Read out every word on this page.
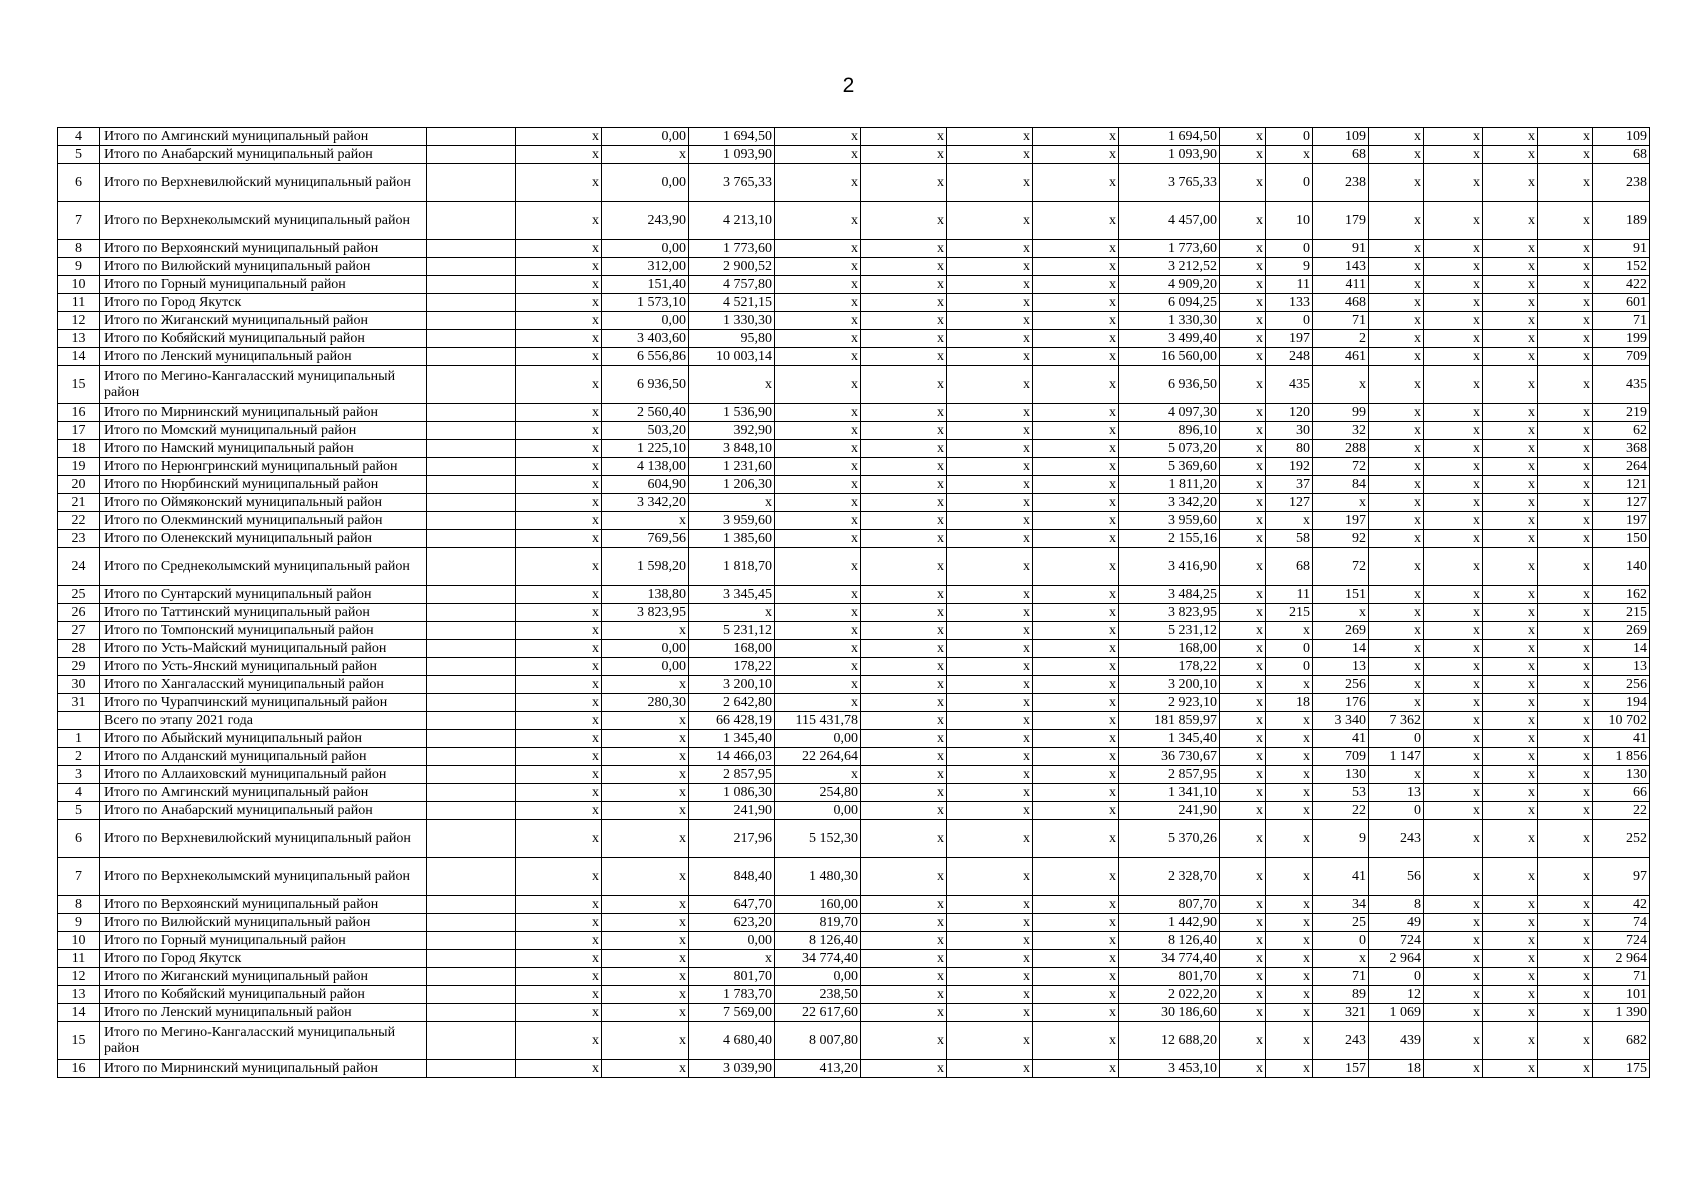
2
4	Итого по Амгинский муниципальный район		х	0,00	1 694,50	х	х	х	х	1 694,50	х	0	109	х	х	х	х	109
5	Итого по Анабарский муниципальный район		х	х	1 093,90	х	х	х	х	1 093,90	х	х	68	х	х	х	х	68
6	Итого по Верхневилюйский муниципальный район		х	0,00	3 765,33	х	х	х	х	3 765,33	х	0	238	х	х	х	х	238
7	Итого по Верхнеколымский муниципальный район		х	243,90	4 213,10	х	х	х	х	4 457,00	х	10	179	х	х	х	х	189
8	Итого по Верхоянский муниципальный район		х	0,00	1 773,60	х	х	х	х	1 773,60	х	0	91	х	х	х	х	91
9	Итого по Вилюйский муниципальный район		х	312,00	2 900,52	х	х	х	х	3 212,52	х	9	143	х	х	х	х	152
10	Итого по Горный муниципальный район		х	151,40	4 757,80	х	х	х	х	4 909,20	х	11	411	х	х	х	х	422
11	Итого по Город Якутск		х	1 573,10	4 521,15	х	х	х	х	6 094,25	х	133	468	х	х	х	х	601
12	Итого по Жиганский муниципальный район		х	0,00	1 330,30	х	х	х	х	1 330,30	х	0	71	х	х	х	х	71
13	Итого по Кобяйский муниципальный район		х	3 403,60	95,80	х	х	х	х	3 499,40	х	197	2	х	х	х	х	199
14	Итого по Ленский муниципальный район		х	6 556,86	10 003,14	х	х	х	х	16 560,00	х	248	461	х	х	х	х	709
15	Итого по Мегино-Кангаласский муниципальный район		х	6 936,50	х	х	х	х	х	6 936,50	х	435	х	х	х	х	х	435
16	Итого по Мирнинский муниципальный район		х	2 560,40	1 536,90	х	х	х	х	4 097,30	х	120	99	х	х	х	х	219
17	Итого по Момский муниципальный район		х	503,20	392,90	х	х	х	х	896,10	х	30	32	х	х	х	х	62
18	Итого по Намский муниципальный район		х	1 225,10	3 848,10	х	х	х	х	5 073,20	х	80	288	х	х	х	х	368
19	Итого по Нерюнгринский муниципальный район		х	4 138,00	1 231,60	х	х	х	х	5 369,60	х	192	72	х	х	х	х	264
20	Итого по Нюрбинский муниципальный район		х	604,90	1 206,30	х	х	х	х	1 811,20	х	37	84	х	х	х	х	121
21	Итого по Оймяконский муниципальный район		х	3 342,20	х	х	х	х	х	3 342,20	х	127	х	х	х	х	х	127
22	Итого по Олекминский муниципальный район		х	х	3 959,60	х	х	х	х	3 959,60	х	х	197	х	х	х	х	197
23	Итого по Оленекский муниципальный район		х	769,56	1 385,60	х	х	х	х	2 155,16	х	58	92	х	х	х	х	150
24	Итого по Среднеколымский муниципальный район		х	1 598,20	1 818,70	х	х	х	х	3 416,90	х	68	72	х	х	х	х	140
25	Итого по Сунтарский муниципальный район		х	138,80	3 345,45	х	х	х	х	3 484,25	х	11	151	х	х	х	х	162
26	Итого по Таттинский муниципальный район		х	3 823,95	х	х	х	х	х	3 823,95	х	215	х	х	х	х	х	215
27	Итого по Томпонский муниципальный район		х	х	5 231,12	х	х	х	х	5 231,12	х	х	269	х	х	х	х	269
28	Итого по Усть-Майский муниципальный район		х	0,00	168,00	х	х	х	х	168,00	х	0	14	х	х	х	х	14
29	Итого по Усть-Янский муниципальный район		х	0,00	178,22	х	х	х	х	178,22	х	0	13	х	х	х	х	13
30	Итого по Хангаласский муниципальный район		х	х	3 200,10	х	х	х	х	3 200,10	х	х	256	х	х	х	х	256
31	Итого по Чурапчинский муниципальный район		х	280,30	2 642,80	х	х	х	х	2 923,10	х	18	176	х	х	х	х	194
	Всего по этапу 2021 года		х	х	66 428,19	115 431,78	х	х	х	181 859,97	х	х	3 340	7 362	х	х	х	10 702
1	Итого по Абыйский муниципальный район		х	х	1 345,40	0,00	х	х	х	1 345,40	х	х	41	0	х	х	х	41
2	Итого по Алданский муниципальный район		х	х	14 466,03	22 264,64	х	х	х	36 730,67	х	х	709	1 147	х	х	х	1 856
3	Итого по Аллаиховский муниципальный район		х	х	2 857,95	х	х	х	х	2 857,95	х	х	130	х	х	х	х	130
4	Итого по Амгинский муниципальный район		х	х	1 086,30	254,80	х	х	х	1 341,10	х	х	53	13	х	х	х	66
5	Итого по Анабарский муниципальный район		х	х	241,90	0,00	х	х	х	241,90	х	х	22	0	х	х	х	22
6	Итого по Верхневилюйский муниципальный район		х	х	217,96	5 152,30	х	х	х	5 370,26	х	х	9	243	х	х	х	252
7	Итого по Верхнеколымский муниципальный район		х	х	848,40	1 480,30	х	х	х	2 328,70	х	х	41	56	х	х	х	97
8	Итого по Верхоянский муниципальный район		х	х	647,70	160,00	х	х	х	807,70	х	х	34	8	х	х	х	42
9	Итого по Вилюйский муниципальный район		х	х	623,20	819,70	х	х	х	1 442,90	х	х	25	49	х	х	х	74
10	Итого по Горный муниципальный район		х	х	0,00	8 126,40	х	х	х	8 126,40	х	х	0	724	х	х	х	724
11	Итого по Город Якутск		х	х	х	34 774,40	х	х	х	34 774,40	х	х	х	2 964	х	х	х	2 964
12	Итого по Жиганский муниципальный район		х	х	801,70	0,00	х	х	х	801,70	х	х	71	0	х	х	х	71
13	Итого по Кобяйский муниципальный район		х	х	1 783,70	238,50	х	х	х	2 022,20	х	х	89	12	х	х	х	101
14	Итого по Ленский муниципальный район		х	х	7 569,00	22 617,60	х	х	х	30 186,60	х	х	321	1 069	х	х	х	1 390
15	Итого по Мегино-Кангаласский муниципальный район		х	х	4 680,40	8 007,80	х	х	х	12 688,20	х	х	243	439	х	х	х	682
16	Итого по Мирнинский муниципальный район		х	х	3 039,90	413,20	х	х	х	3 453,10	х	х	157	18	х	х	х	175
